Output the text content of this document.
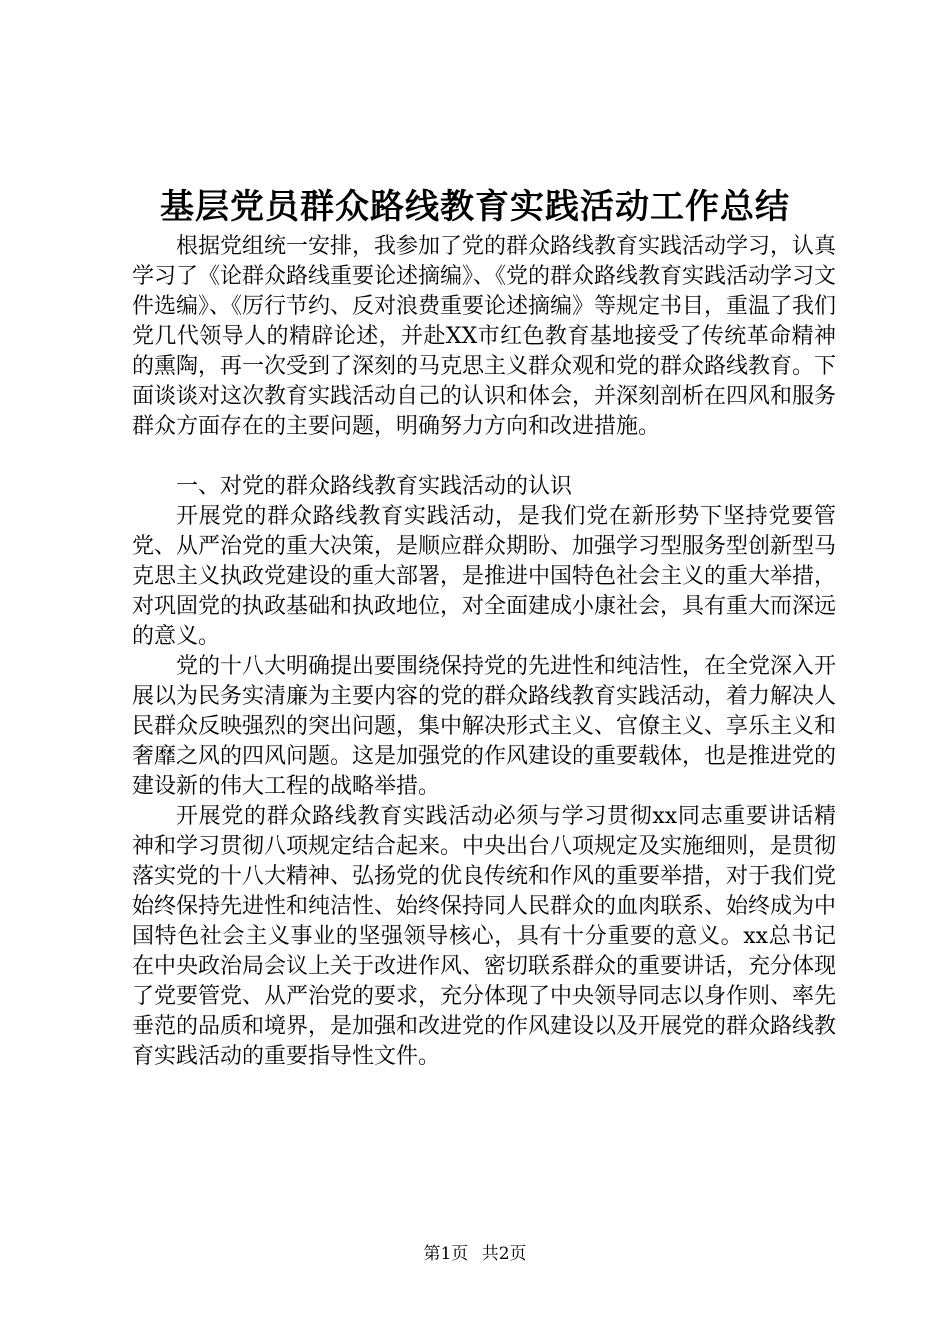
基层党员群众路线教育实践活动工作总结

根据党组统一安排，我参加了党的群众路线教育实践活动学习，认真学习了《论群众路线重要论述摘编》、《党的群众路线教育实践活动学习文件选编》、《厉行节约、反对浪费重要论述摘编》等规定书目，重温了我们党几代领导人的精辟论述，并赴XX市红色教育基地接受了传统革命精神的熏陶，再一次受到了深刻的马克思主义群众观和党的群众路线教育。下面谈谈对这次教育实践活动自己的认识和体会，并深刻剖析在四风和服务群众方面存在的主要问题，明确努力方向和改进措施。

一、对党的群众路线教育实践活动的认识

开展党的群众路线教育实践活动，是我们党在新形势下坚持党要管党、从严治党的重大决策，是顺应群众期盼、加强学习型服务型创新型马克思主义执政党建设的重大部署，是推进中国特色社会主义的重大举措，对巩固党的执政基础和执政地位，对全面建成小康社会，具有重大而深远的意义。

党的十八大明确提出要围绕保持党的先进性和纯洁性，在全党深入开展以为民务实清廉为主要内容的党的群众路线教育实践活动，着力解决人民群众反映强烈的突出问题，集中解决形式主义、官僚主义、享乐主义和奢靡之风的四风问题。这是加强党的作风建设的重要载体，也是推进党的建设新的伟大工程的战略举措。

开展党的群众路线教育实践活动必须与学习贯彻xx同志重要讲话精神和学习贯彻八项规定结合起来。中央出台八项规定及实施细则，是贯彻落实党的十八大精神、弘扬党的优良传统和作风的重要举措，对于我们党始终保持先进性和纯洁性、始终保持同人民群众的血肉联系、始终成为中国特色社会主义事业的坚强领导核心，具有十分重要的意义。xx总书记在中央政治局会议上关于改进作风、密切联系群众的重要讲话，充分体现了党要管党、从严治党的要求，充分体现了中央领导同志以身作则、率先垂范的品质和境界，是加强和改进党的作风建设以及开展党的群众路线教育实践活动的重要指导性文件。

第1页 共2页
